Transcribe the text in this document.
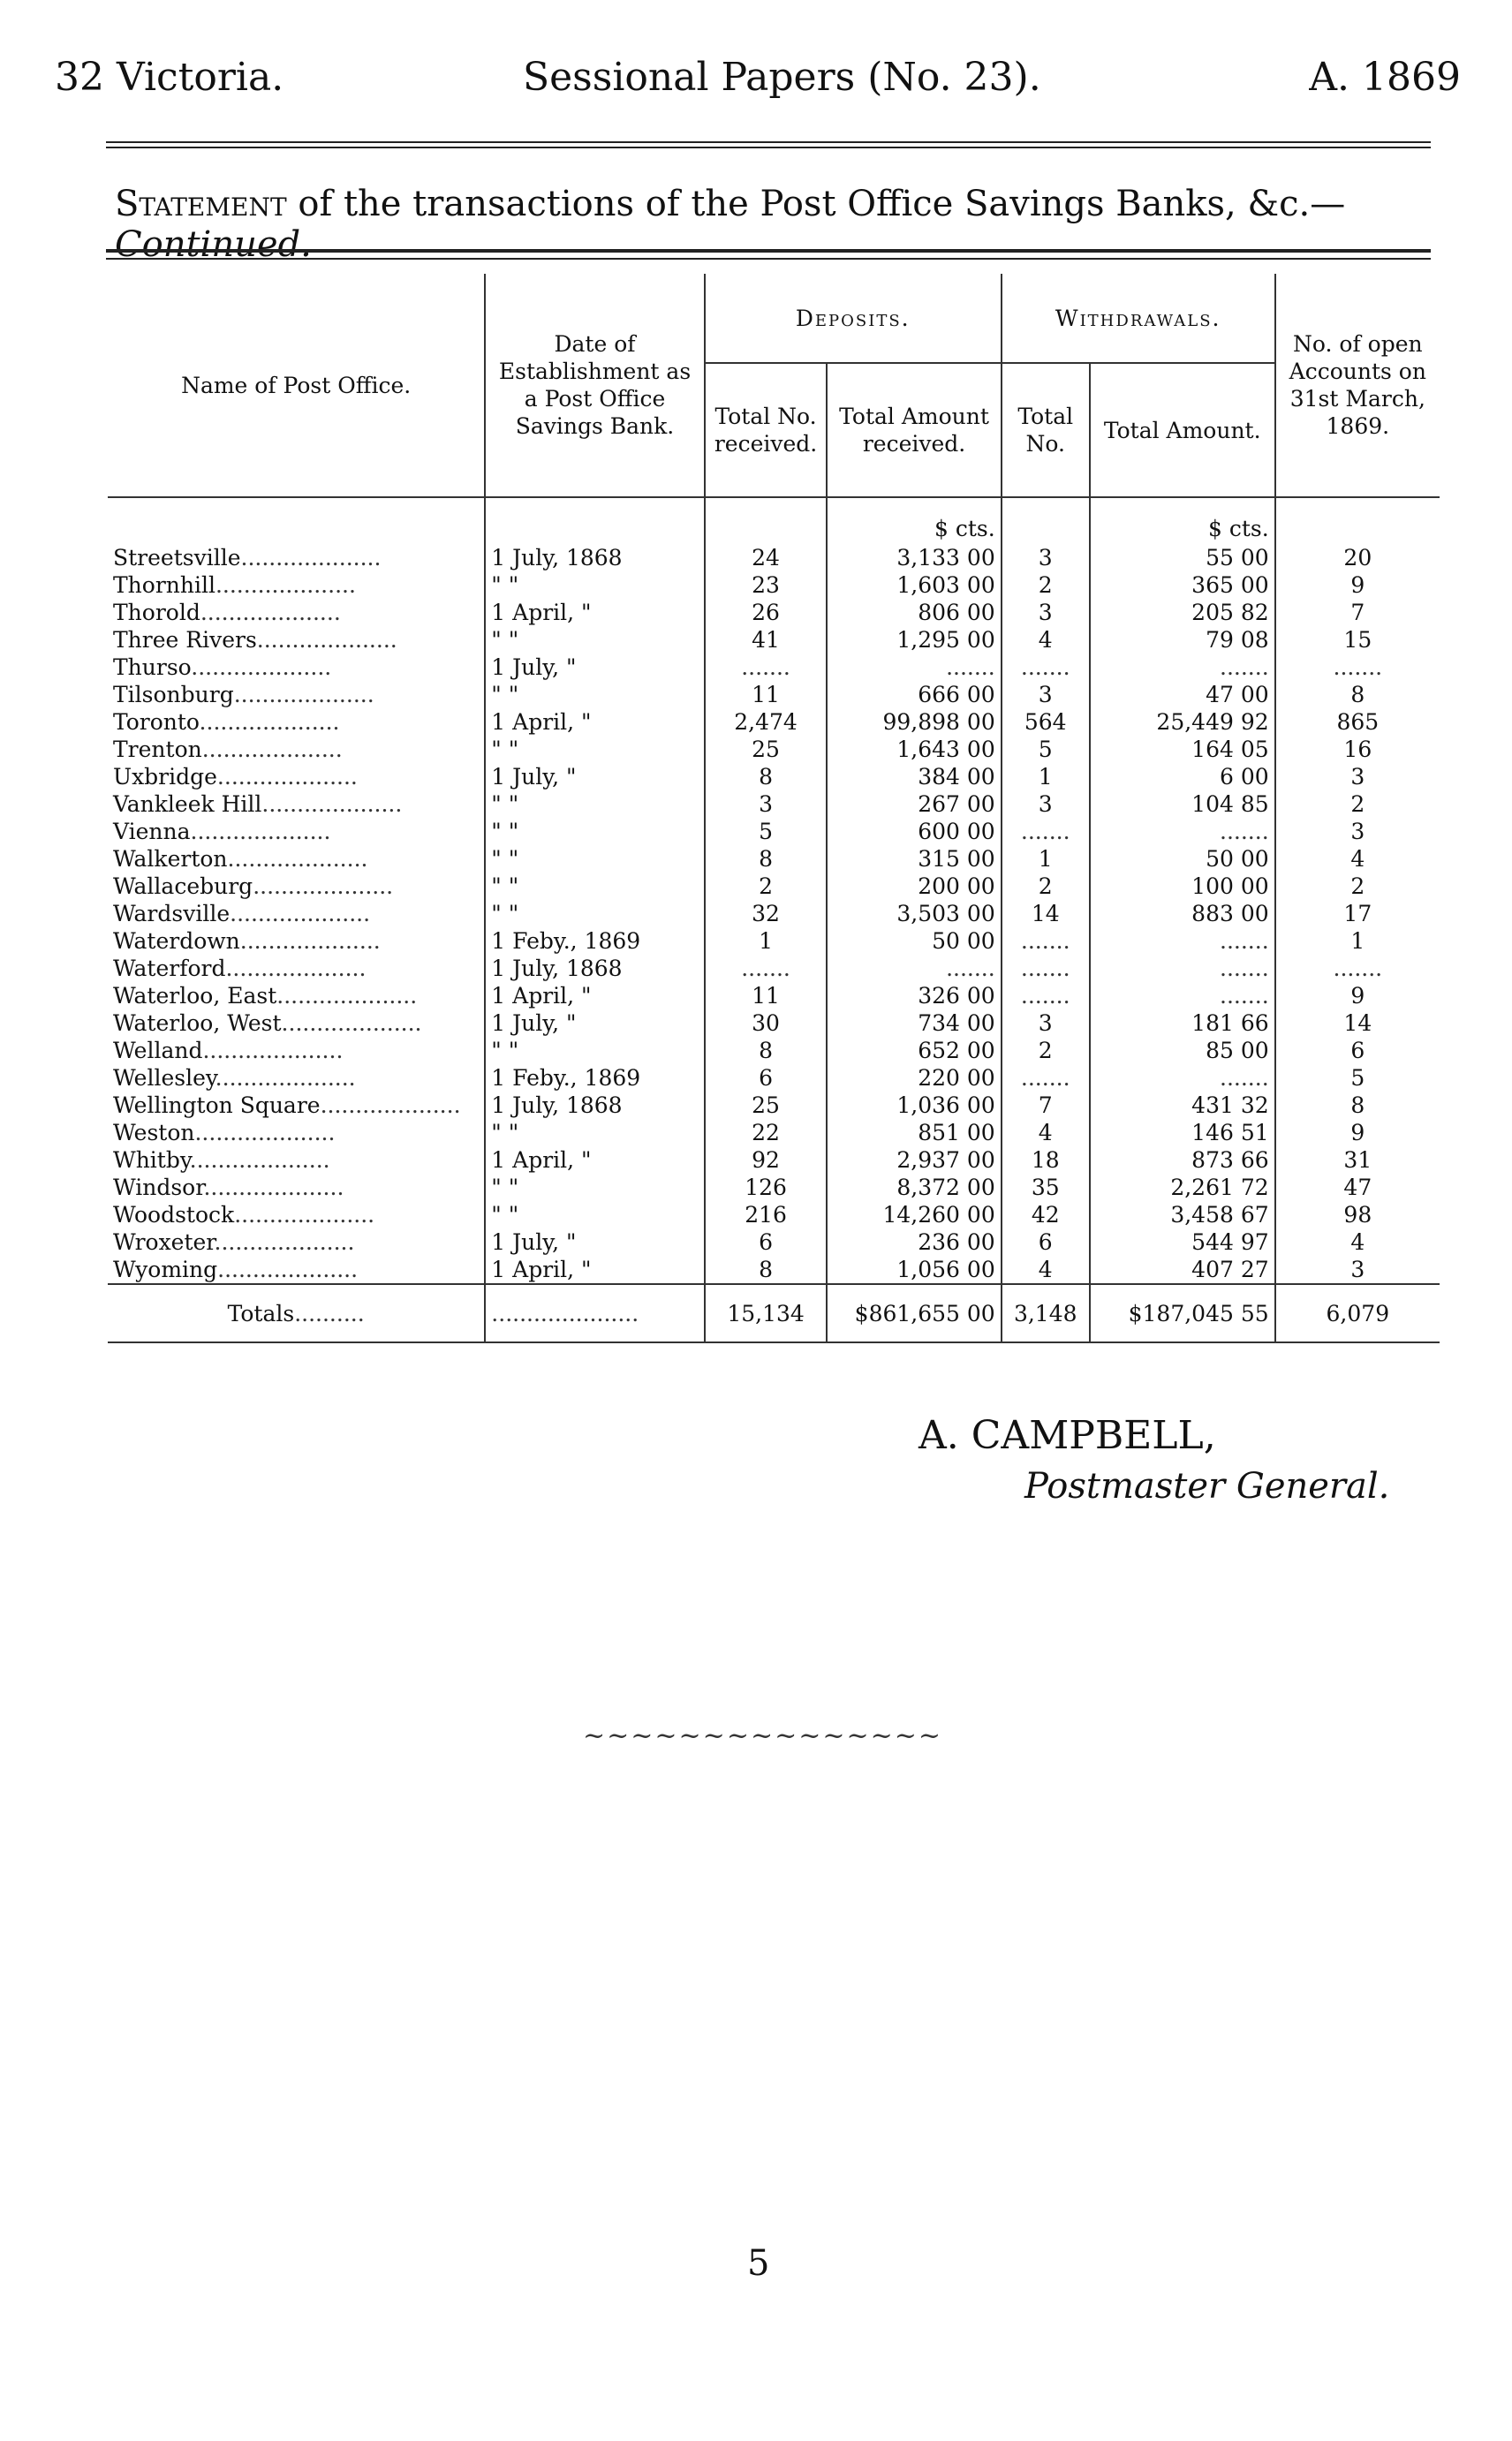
32 Victoria.	Sessional Papers (No. 23).	A. 1869
Statement of the transactions of the Post Office Savings Banks, &c.—Continued.
Name of Post Office.	Date of Establishment as a Post Office Savings Bank.	Deposits.		Withdrawals.		No. of open Accounts on 31st March, 1869.
		Total No. received.	Total Amount received.	Total No.	Total Amount.	
			$ cts.		$ cts.	
Streetsville....................	1 July, 1868	24	3,133 00	3	55 00	20
Thornhill....................	" "	23	1,603 00	2	365 00	9
Thorold....................	1 April, "	26	806 00	3	205 82	7
Three Rivers....................	" "	41	1,295 00	4	79 08	15
Thurso....................	1 July, "	.......	.......	.......	.......	.......
Tilsonburg....................	" "	11	666 00	3	47 00	8
Toronto....................	1 April, "	2,474	99,898 00	564	25,449 92	865
Trenton....................	" "	25	1,643 00	5	164 05	16
Uxbridge....................	1 July, "	8	384 00	1	6 00	3
Vankleek Hill....................	" "	3	267 00	3	104 85	2
Vienna....................	" "	5	600 00	.......	.......	3
Walkerton....................	" "	8	315 00	1	50 00	4
Wallaceburg....................	" "	2	200 00	2	100 00	2
Wardsville....................	" "	32	3,503 00	14	883 00	17
Waterdown....................	1 Feby., 1869	1	50 00	.......	.......	1
Waterford....................	1 July, 1868	.......	.......	.......	.......	.......
Waterloo, East....................	1 April, "	11	326 00	.......	.......	9
Waterloo, West....................	1 July, "	30	734 00	3	181 66	14
Welland....................	" "	8	652 00	2	85 00	6
Wellesley....................	1 Feby., 1869	6	220 00	.......	.......	5
Wellington Square....................	1 July, 1868	25	1,036 00	7	431 32	8
Weston....................	" "	22	851 00	4	146 51	9
Whitby....................	1 April, "	92	2,937 00	18	873 66	31
Windsor....................	" "	126	8,372 00	35	2,261 72	47
Woodstock....................	" "	216	14,260 00	42	3,458 67	98
Wroxeter....................	1 July, "	6	236 00	6	544 97	4
Wyoming....................	1 April, "	8	1,056 00	4	407 27	3
Totals..........	.....................	15,134	$861,655 00	3,148	$187,045 55	6,079
A. CAMPBELL,
Postmaster General.
~~~~~~~~~~~~~~~
5
